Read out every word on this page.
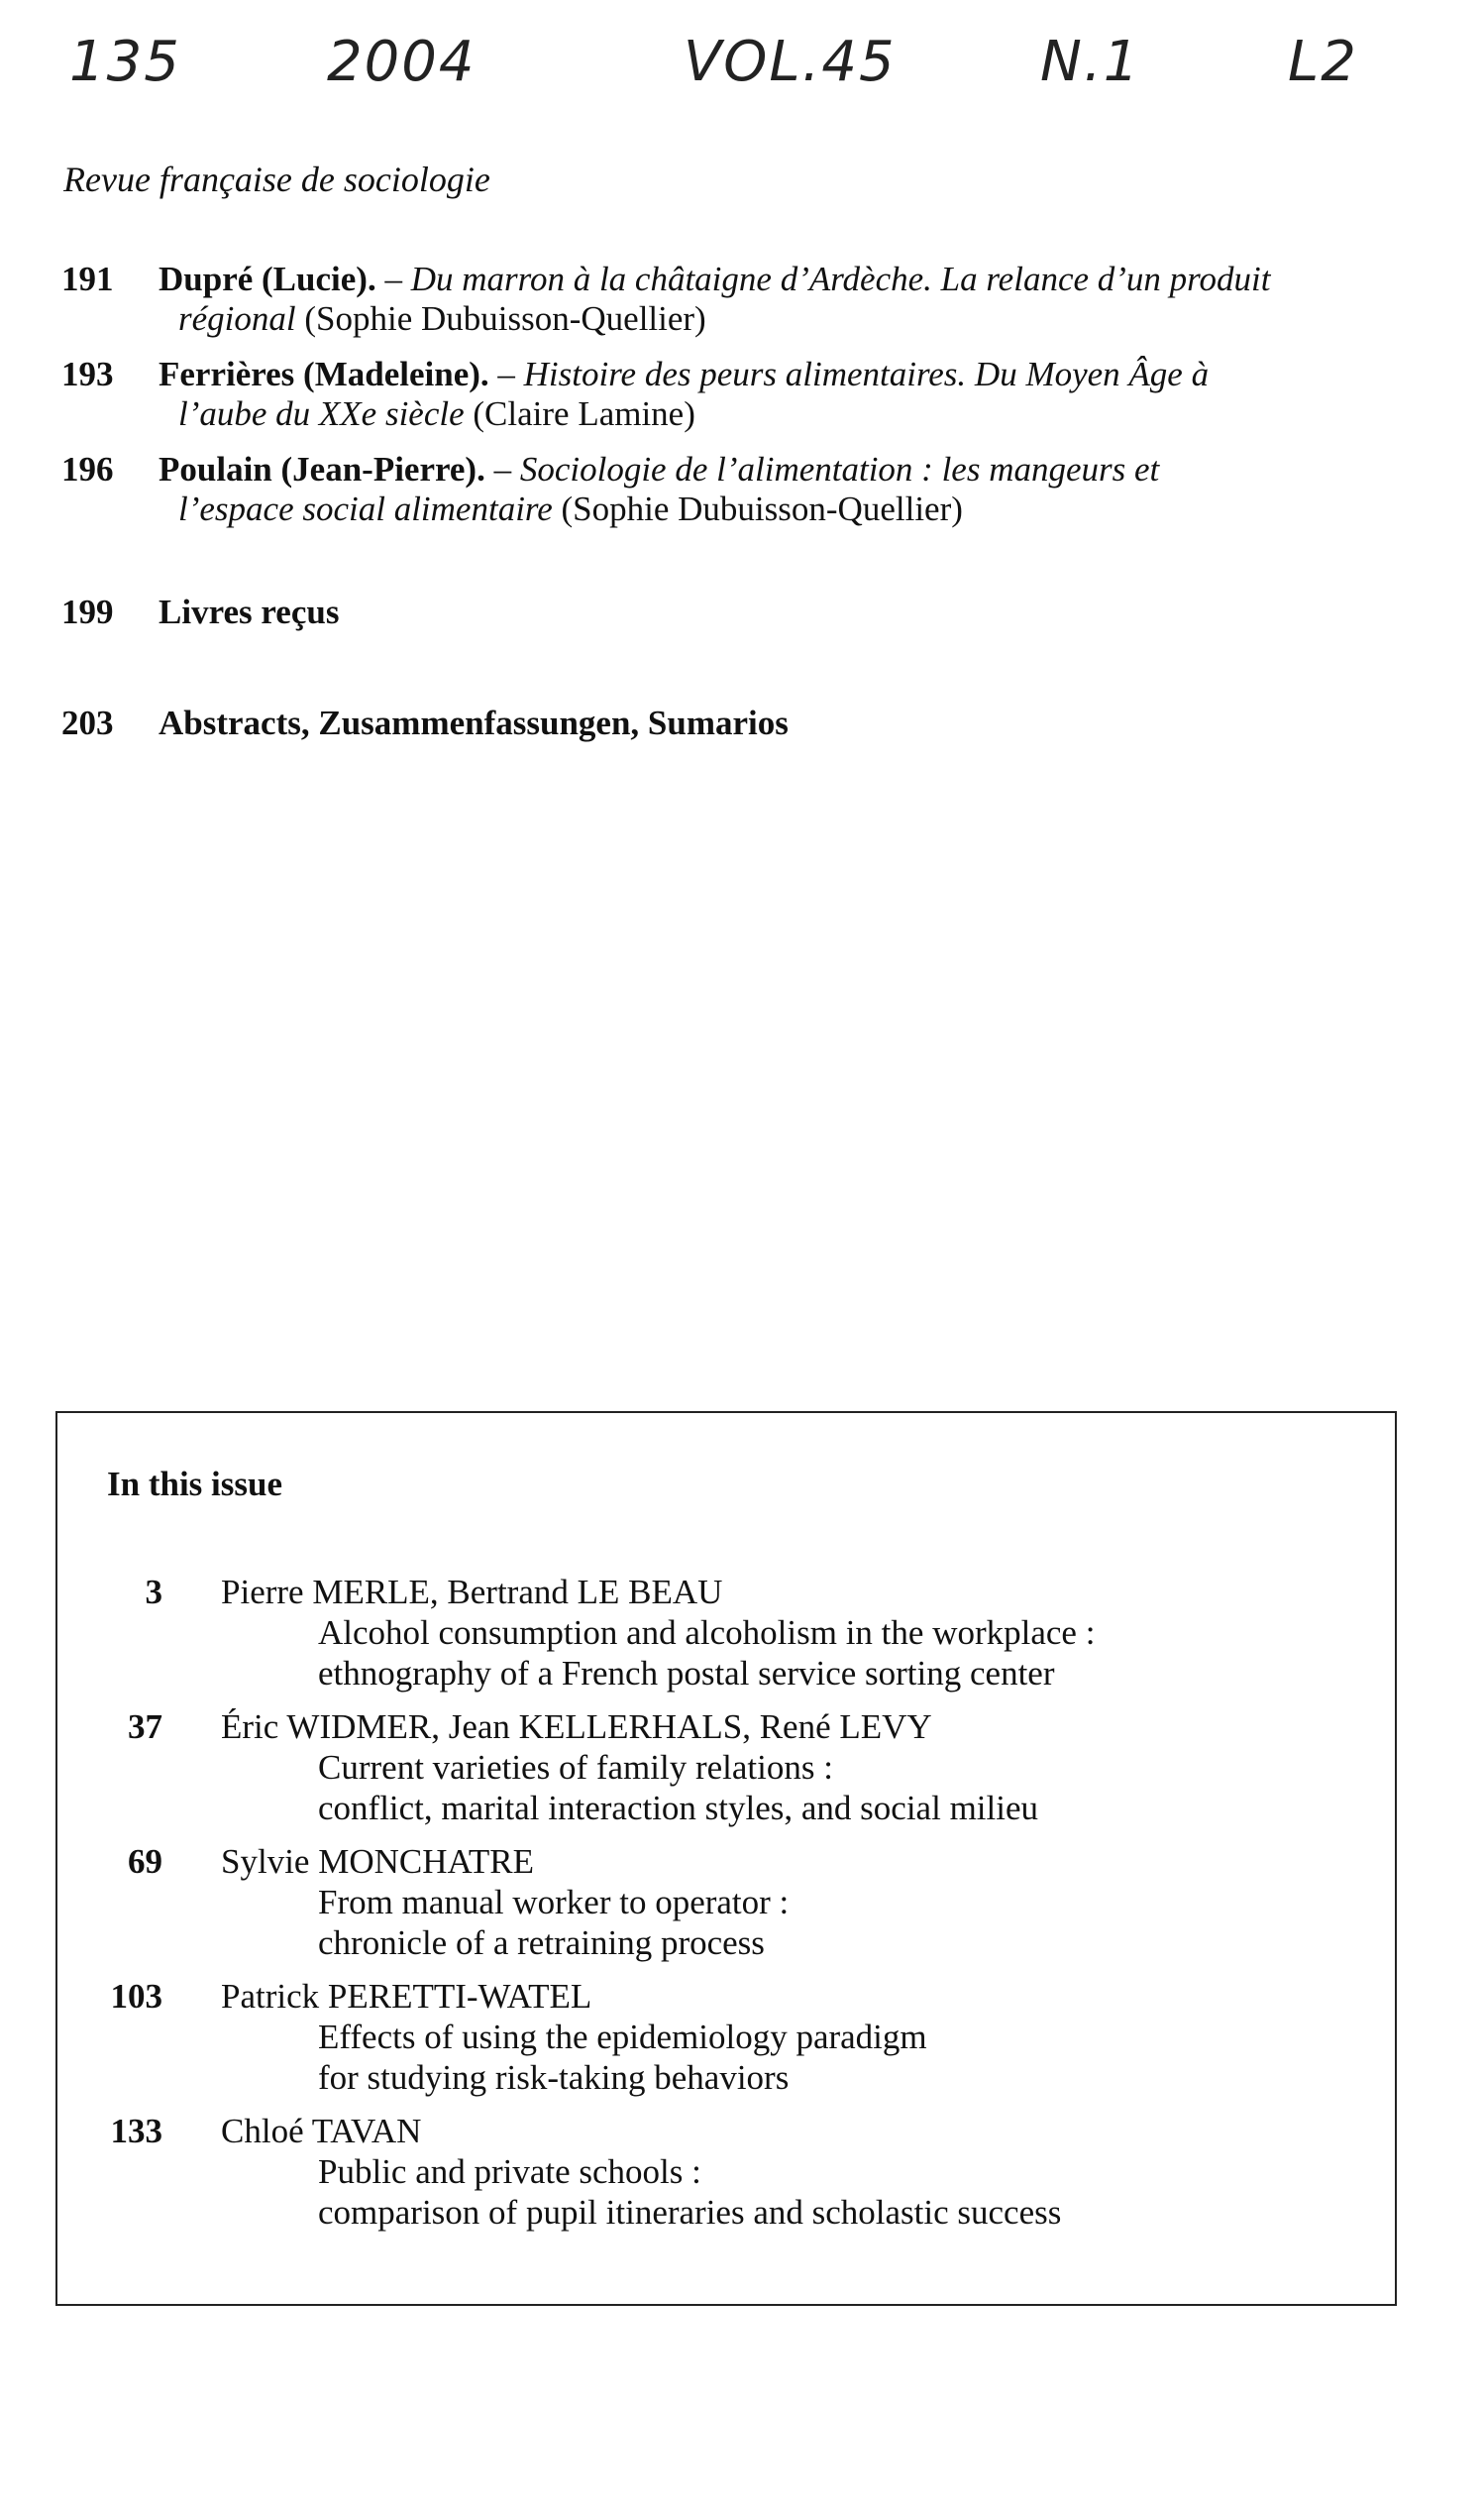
135	2004	VOL.45	N.1	L2
Revue française de sociologie
191 Dupré (Lucie). – Du marron à la châtaigne d’Ardèche. La relance d’un produit
régional (Sophie Dubuisson-Quellier)
193 Ferrières (Madeleine). – Histoire des peurs alimentaires. Du Moyen Âge à
l’aube du XXe siècle (Claire Lamine)
196 Poulain (Jean-Pierre). – Sociologie de l’alimentation : les mangeurs et
l’espace social alimentaire (Sophie Dubuisson-Quellier)
199 Livres reçus
203 Abstracts, Zusammenfassungen, Sumarios
In this issue
3 Pierre MERLE, Bertrand LE BEAU
Alcohol consumption and alcoholism in the workplace :
ethnography of a French postal service sorting center
37 Éric WIDMER, Jean KELLERHALS, René LEVY
Current varieties of family relations :
conflict, marital interaction styles, and social milieu
69 Sylvie MONCHATRE
From manual worker to operator :
chronicle of a retraining process
103 Patrick PERETTI-WATEL
Effects of using the epidemiology paradigm
for studying risk-taking behaviors
133 Chloé TAVAN
Public and private schools :
comparison of pupil itineraries and scholastic success
